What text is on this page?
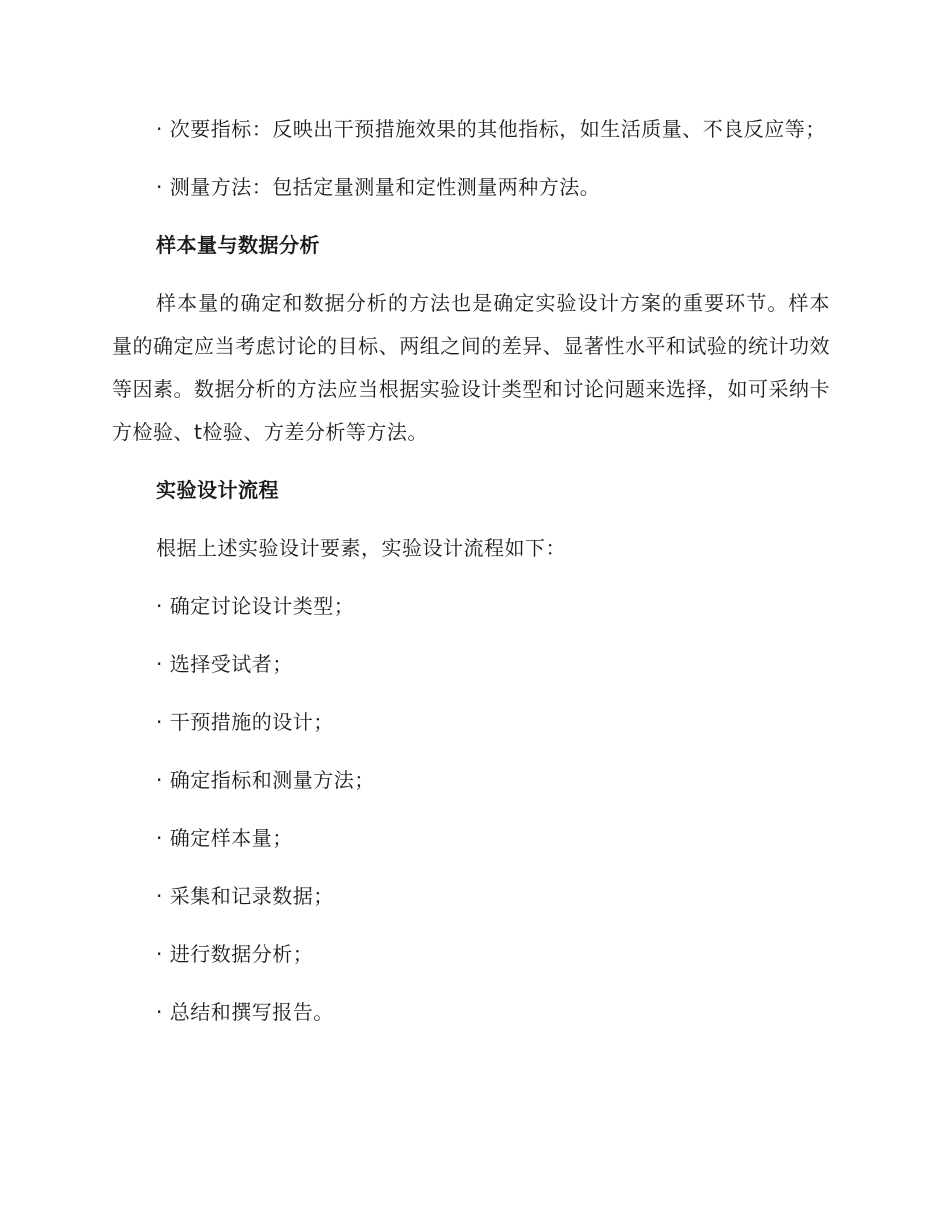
· 次要指标：反映出干预措施效果的其他指标，如生活质量、不良反应等；

· 测量方法：包括定量测量和定性测量两种方法。

样本量与数据分析

样本量的确定和数据分析的方法也是确定实验设计方案的重要环节。样本量的确定应当考虑讨论的目标、两组之间的差异、显著性水平和试验的统计功效等因素。数据分析的方法应当根据实验设计类型和讨论问题来选择，如可采纳卡方检验、t检验、方差分析等方法。

实验设计流程

根据上述实验设计要素，实验设计流程如下：

· 确定讨论设计类型；

· 选择受试者；

· 干预措施的设计；

· 确定指标和测量方法；

· 确定样本量；

· 采集和记录数据；

· 进行数据分析；

· 总结和撰写报告。
